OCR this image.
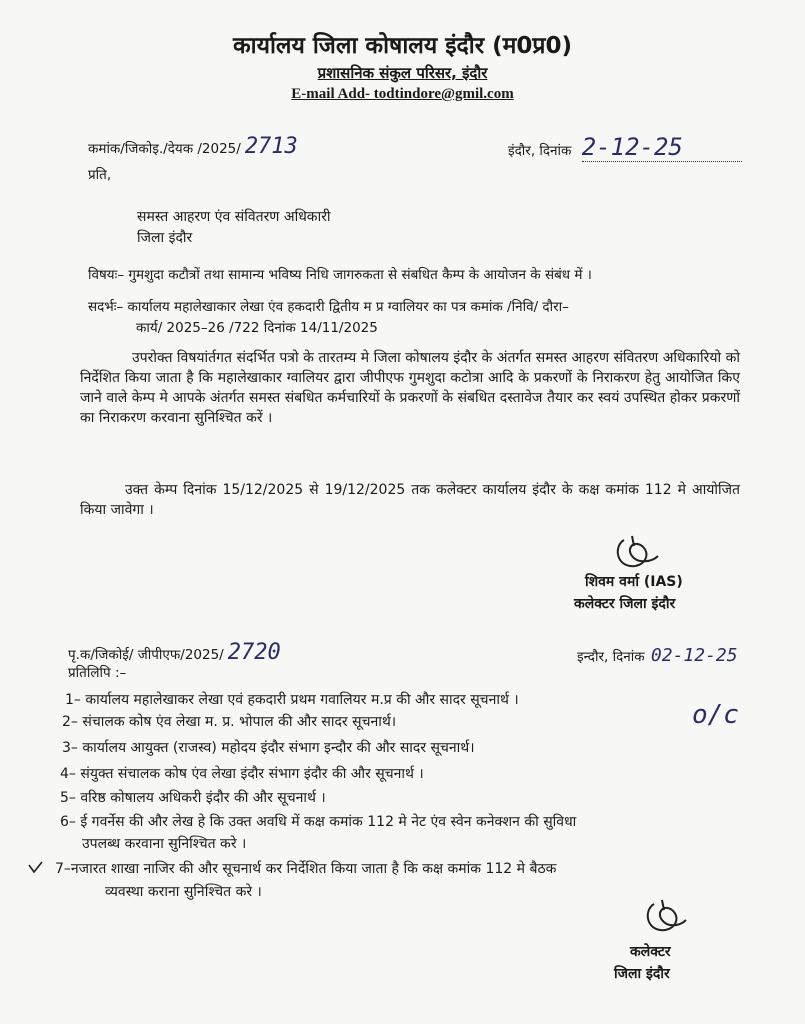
कार्यालय जिला कोषालय इंदौर (म0प्र0)
प्रशासनिक संकुल परिसर, इंदौर
E-mail Add- todtindore@gmil.com
कमांक/जिकोइ./देयक /2025/ 2713	इंदौर, दिनांक 2-12-25
प्रति,
समस्त आहरण एंव संवितरण अधिकारी
जिला इंदौर
विषयः– गुमशुदा कटौत्रों तथा सामान्य भविष्य निधि जागरुकता से संबधित कैम्प के आयोजन के संबंध में ।
सदर्भः– कार्यालय महालेखाकार लेखा एंव हकदारी द्वितीय म प्र ग्वालियर का पत्र कमांक /निवि/ दौरा–
कार्य/ 2025–26 /722 दिनांक 14/11/2025
उपरोक्त विषयांर्तगत संदर्भित पत्रो के तारतम्य मे जिला कोषालय इंदौर के अंतर्गत समस्त आहरण संवितरण अधिकारियो को निर्देशित किया जाता है कि महालेखाकार ग्वालियर द्वारा जीपीएफ गुमशुदा कटोत्रा आदि के प्रकरणों के निराकरण हेतु आयोजित किए जाने वाले केम्प मे आपके अंतर्गत समस्त संबधित कर्मचारियों के प्रकरणों के संबधित दस्तावेज तैयार कर स्वयं उपस्थित होकर प्रकरणों का निराकरण करवाना सुनिश्चित करें ।
उक्त केम्प दिनांक 15/12/2025 से 19/12/2025 तक कलेक्टर कार्यालय इंदौर के कक्ष कमांक 112 मे आयोजित किया जावेगा ।
शिवम वर्मा (IAS)
कलेक्टर जिला इंदौर
पृ.क/जिकोई/ जीपीएफ/2025/ 2720	इन्दौर, दिनांक 02-12-25
प्रतिलिपि :–
o/c
1– कार्यालय महालेखाकर लेखा एवं हकदारी प्रथम गवालियर म.प्र की और सादर सूचनार्थ ।
2– संचालक कोष एंव लेखा म. प्र. भोपाल की और सादर सूचनार्थ।
3– कार्यालय आयुक्त (राजस्व) महोदय इंदौर संभाग इन्दौर की और सादर सूचनार्थ।
4– संयुक्त संचालक कोष एंव लेखा इंदौर संभाग इंदौर की और सूचनार्थ ।
5– वरिष्ठ कोषालय अधिकरी इंदौर की और सूचनार्थ ।
6– ई गवर्नेस की और लेख हे कि उक्त अवधि में कक्ष कमांक 112 मे नेट एंव स्वेन कनेक्शन की सुविधा
उपलब्ध करवाना सुनिश्चित करे ।
7–नजारत शाखा नाजिर की और सूचनार्थ कर निर्देशित किया जाता है कि कक्ष कमांक 112 मे बैठक
व्यवस्था कराना सुनिश्चित करे ।
कलेक्टर
जिला इंदौर
